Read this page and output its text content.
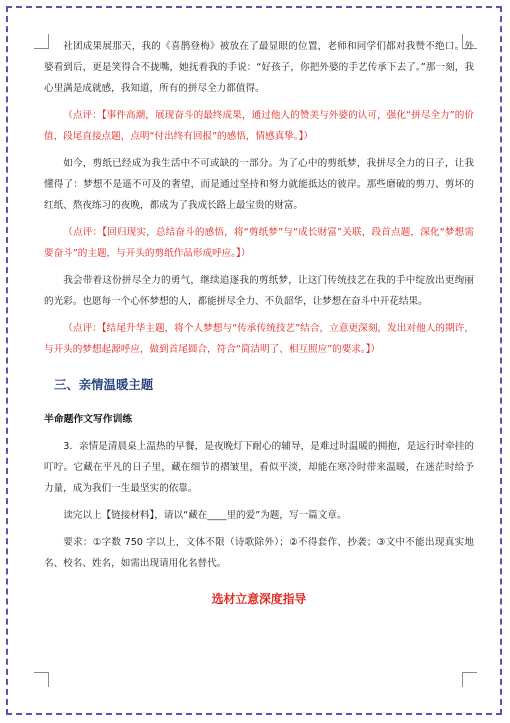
社团成果展那天，我的《喜鹊登梅》被放在了最显眼的位置，老师和同学们都对我赞不绝口。外婆看到后，更是笑得合不拢嘴，她抚着我的手说：“好孩子，你把外婆的手艺传承下去了。”那一刻，我心里满是成就感，我知道，所有的拼尽全力都值得。

（点评：【事件高潮，展现奋斗的最终成果，通过他人的赞美与外婆的认可，强化“拼尽全力”的价值，段尾直接点题，点明“付出终有回报”的感悟，情感真挚。】）

如今，剪纸已经成为我生活中不可或缺的一部分。为了心中的剪纸梦，我拼尽全力的日子，让我懂得了：梦想不是遥不可及的奢望，而是通过坚持和努力就能抵达的彼岸。那些磨破的剪刀、剪坏的红纸、熬夜练习的夜晚，都成为了我成长路上最宝贵的财富。

（点评：【回归现实，总结奋斗的感悟，将“剪纸梦”与“成长财富”关联，段首点题，深化“梦想需要奋斗”的主题，与开头的剪纸作品形成呼应。】）

我会带着这份拼尽全力的勇气，继续追逐我的剪纸梦，让这门传统技艺在我的手中绽放出更绚丽的光彩。也愿每一个心怀梦想的人，都能拼尽全力、不负韶华，让梦想在奋斗中开花结果。

（点评：【结尾升华主题，将个人梦想与“传承传统技艺”结合，立意更深刻，发出对他人的期许，与开头的梦想起源呼应，做到首尾圆合，符合“简洁明了、相互照应”的要求。】）

三、亲情温暖主题

半命题作文写作训练

3．亲情是清晨桌上温热的早餐，是夜晚灯下耐心的辅导，是难过时温暖的拥抱，是远行时牵挂的叮咛。它藏在平凡的日子里，藏在细节的褶皱里，看似平淡，却能在寒冷时带来温暖，在迷茫时给予力量，成为我们一生最坚实的依靠。

读完以上【链接材料】，请以“藏在____里的爱”为题，写一篇文章。

要求：①字数 750 字以上，文体不限（诗歌除外）；②不得套作、抄袭；③文中不能出现真实地名、校名、姓名，如需出现请用化名替代。

选材立意深度指导
